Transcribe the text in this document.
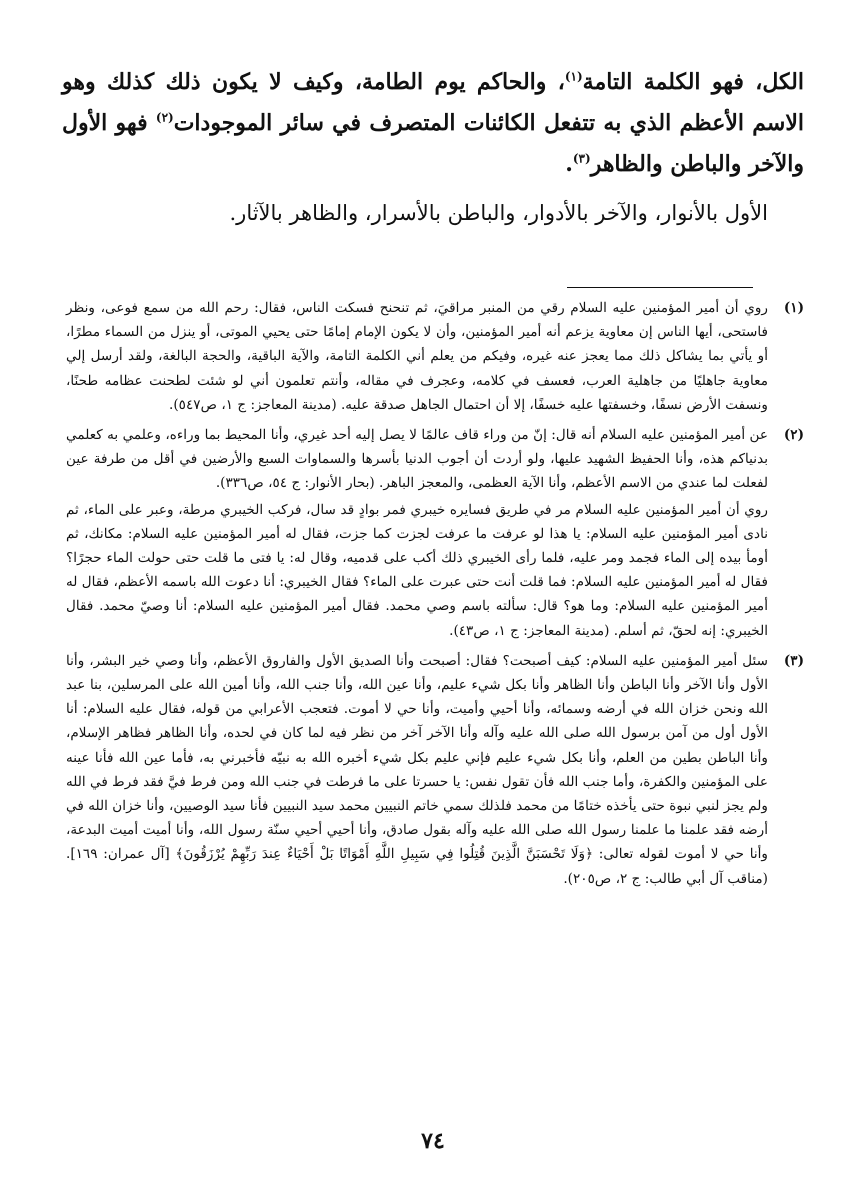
الكل، فهو الكلمة التامة$^{(١)}$، والحاكم يوم الطامة، وكيف لا يكون ذلك كذلك وهو الاسم الأعظم الذي به تتفعل الكائنات المتصرف في سائر الموجودات$^{(٢)}$ فهو الأول والآخر والباطن والظاهر$^{(٣)}$.

الأول بالأنوار، والآخر بالأدوار، والباطن بالأسرار، والظاهر بالآثار.

(١)

روي أن أمير المؤمنين عليه السلام رقي من المنبر مراقيَ، ثم تنحنح فسكت الناس، فقال: رحم الله من سمع فوعى، ونظر فاستحى، أيها الناس إن معاوية يزعم أنه أمير المؤمنين، وأن لا يكون الإمام إمامًا حتى يحيي الموتى، أو ينزل من السماء مطرًا، أو يأتي بما يشاكل ذلك مما يعجز عنه غيره، وفيكم من يعلم أني الكلمة التامة، والآية الباقية، والحجة البالغة، ولقد أرسل إلي معاوية جاهليًا من جاهلية العرب، فعسف في كلامه، وعجرف في مقاله، وأنتم تعلمون أني لو شئت لطحنت عظامه طحنًا، ونسفت الأرض نسفًا، وخسفتها عليه خسفًا، إلا أن احتمال الجاهل صدقة عليه. (مدينة المعاجز: ج ١، ص٥٤٧).

(٢)

عن أمير المؤمنين عليه السلام أنه قال: إنّ من وراء قاف عالمًا لا يصل إليه أحد غيري، وأنا المحيط بما وراءه، وعلمي به كعلمي بدنياكم هذه، وأنا الحفيظ الشهيد عليها، ولو أردت أن أجوب الدنيا بأسرها والسماوات السبع والأرضين في أقل من طرفة عين لفعلت لما عندي من الاسم الأعظم، وأنا الآية العظمى، والمعجز الباهر. (بحار الأنوار: ج ٥٤، ص٣٣٦).

روي أن أمير المؤمنين عليه السلام مر في طريق فسايره خيبري فمر بوادٍ قد سال، فركب الخيبري مرطة، وعبر على الماء، ثم نادى أمير المؤمنين عليه السلام: يا هذا لو عرفت ما عرفت لجزت كما جزت، فقال له أمير المؤمنين عليه السلام: مكانك، ثم أومأ بيده إلى الماء فجمد ومر عليه، فلما رأى الخيبري ذلك أكب على قدميه، وقال له: يا فتى ما قلت حتى حولت الماء حجرًا؟ فقال له أمير المؤمنين عليه السلام: فما قلت أنت حتى عبرت على الماء؟ فقال الخيبري: أنا دعوت الله باسمه الأعظم، فقال له أمير المؤمنين عليه السلام: وما هو؟ قال: سألته باسم وصي محمد. فقال أمير المؤمنين عليه السلام: أنا وصيّ محمد. فقال الخيبري: إنه لحقّ، ثم أسلم. (مدينة المعاجز: ج ١، ص٤٣).

(٣)

سئل أمير المؤمنين عليه السلام: كيف أصبحت؟ فقال: أصبحت وأنا الصديق الأول والفاروق الأعظم، وأنا وصي خير البشر، وأنا الأول وأنا الآخر وأنا الباطن وأنا الظاهر وأنا بكل شيء عليم، وأنا عين الله، وأنا جنب الله، وأنا أمين الله على المرسلين، بنا عبد الله ونحن خزان الله في أرضه وسمائه، وأنا أحيي وأميت، وأنا حي لا أموت. فتعجب الأعرابي من قوله، فقال عليه السلام: أنا الأول أول من آمن برسول الله صلى الله عليه وآله وأنا الآخر آخر من نظر فيه لما كان في لحده، وأنا الظاهر فظاهر الإسلام، وأنا الباطن بطين من العلم، وأنا بكل شيء عليم فإني عليم بكل شيء أخبره الله به نبيّه فأخبرني به، فأما عين الله فأنا عينه على المؤمنين والكفرة، وأما جنب الله فأن تقول نفس: يا حسرتا على ما فرطت في جنب الله ومن فرط فيَّ فقد فرط في الله ولم يجز لنبي نبوة حتى يأخذه ختامًا من محمد فلذلك سمي خاتم النبيين محمد سيد النبيين فأنا سيد الوصيين، وأنا خزان الله في أرضه فقد علمنا ما علمنا رسول الله صلى الله عليه وآله بقول صادق، وأنا أحيي أحيي سنّة رسول الله، وأنا أميت أميت البدعة، وأنا حي لا أموت لقوله تعالى: ﴿وَلَا تَحْسَبَنَّ الَّذِينَ قُتِلُوا فِي سَبِيلِ اللَّهِ أَمْوَاتًا بَلْ أَحْيَاءٌ عِندَ رَبِّهِمْ يُرْزَقُونَ﴾ [آل عمران: ١٦٩]. (مناقب آل أبي طالب: ج ٢، ص٢٠٥).

٧٤
